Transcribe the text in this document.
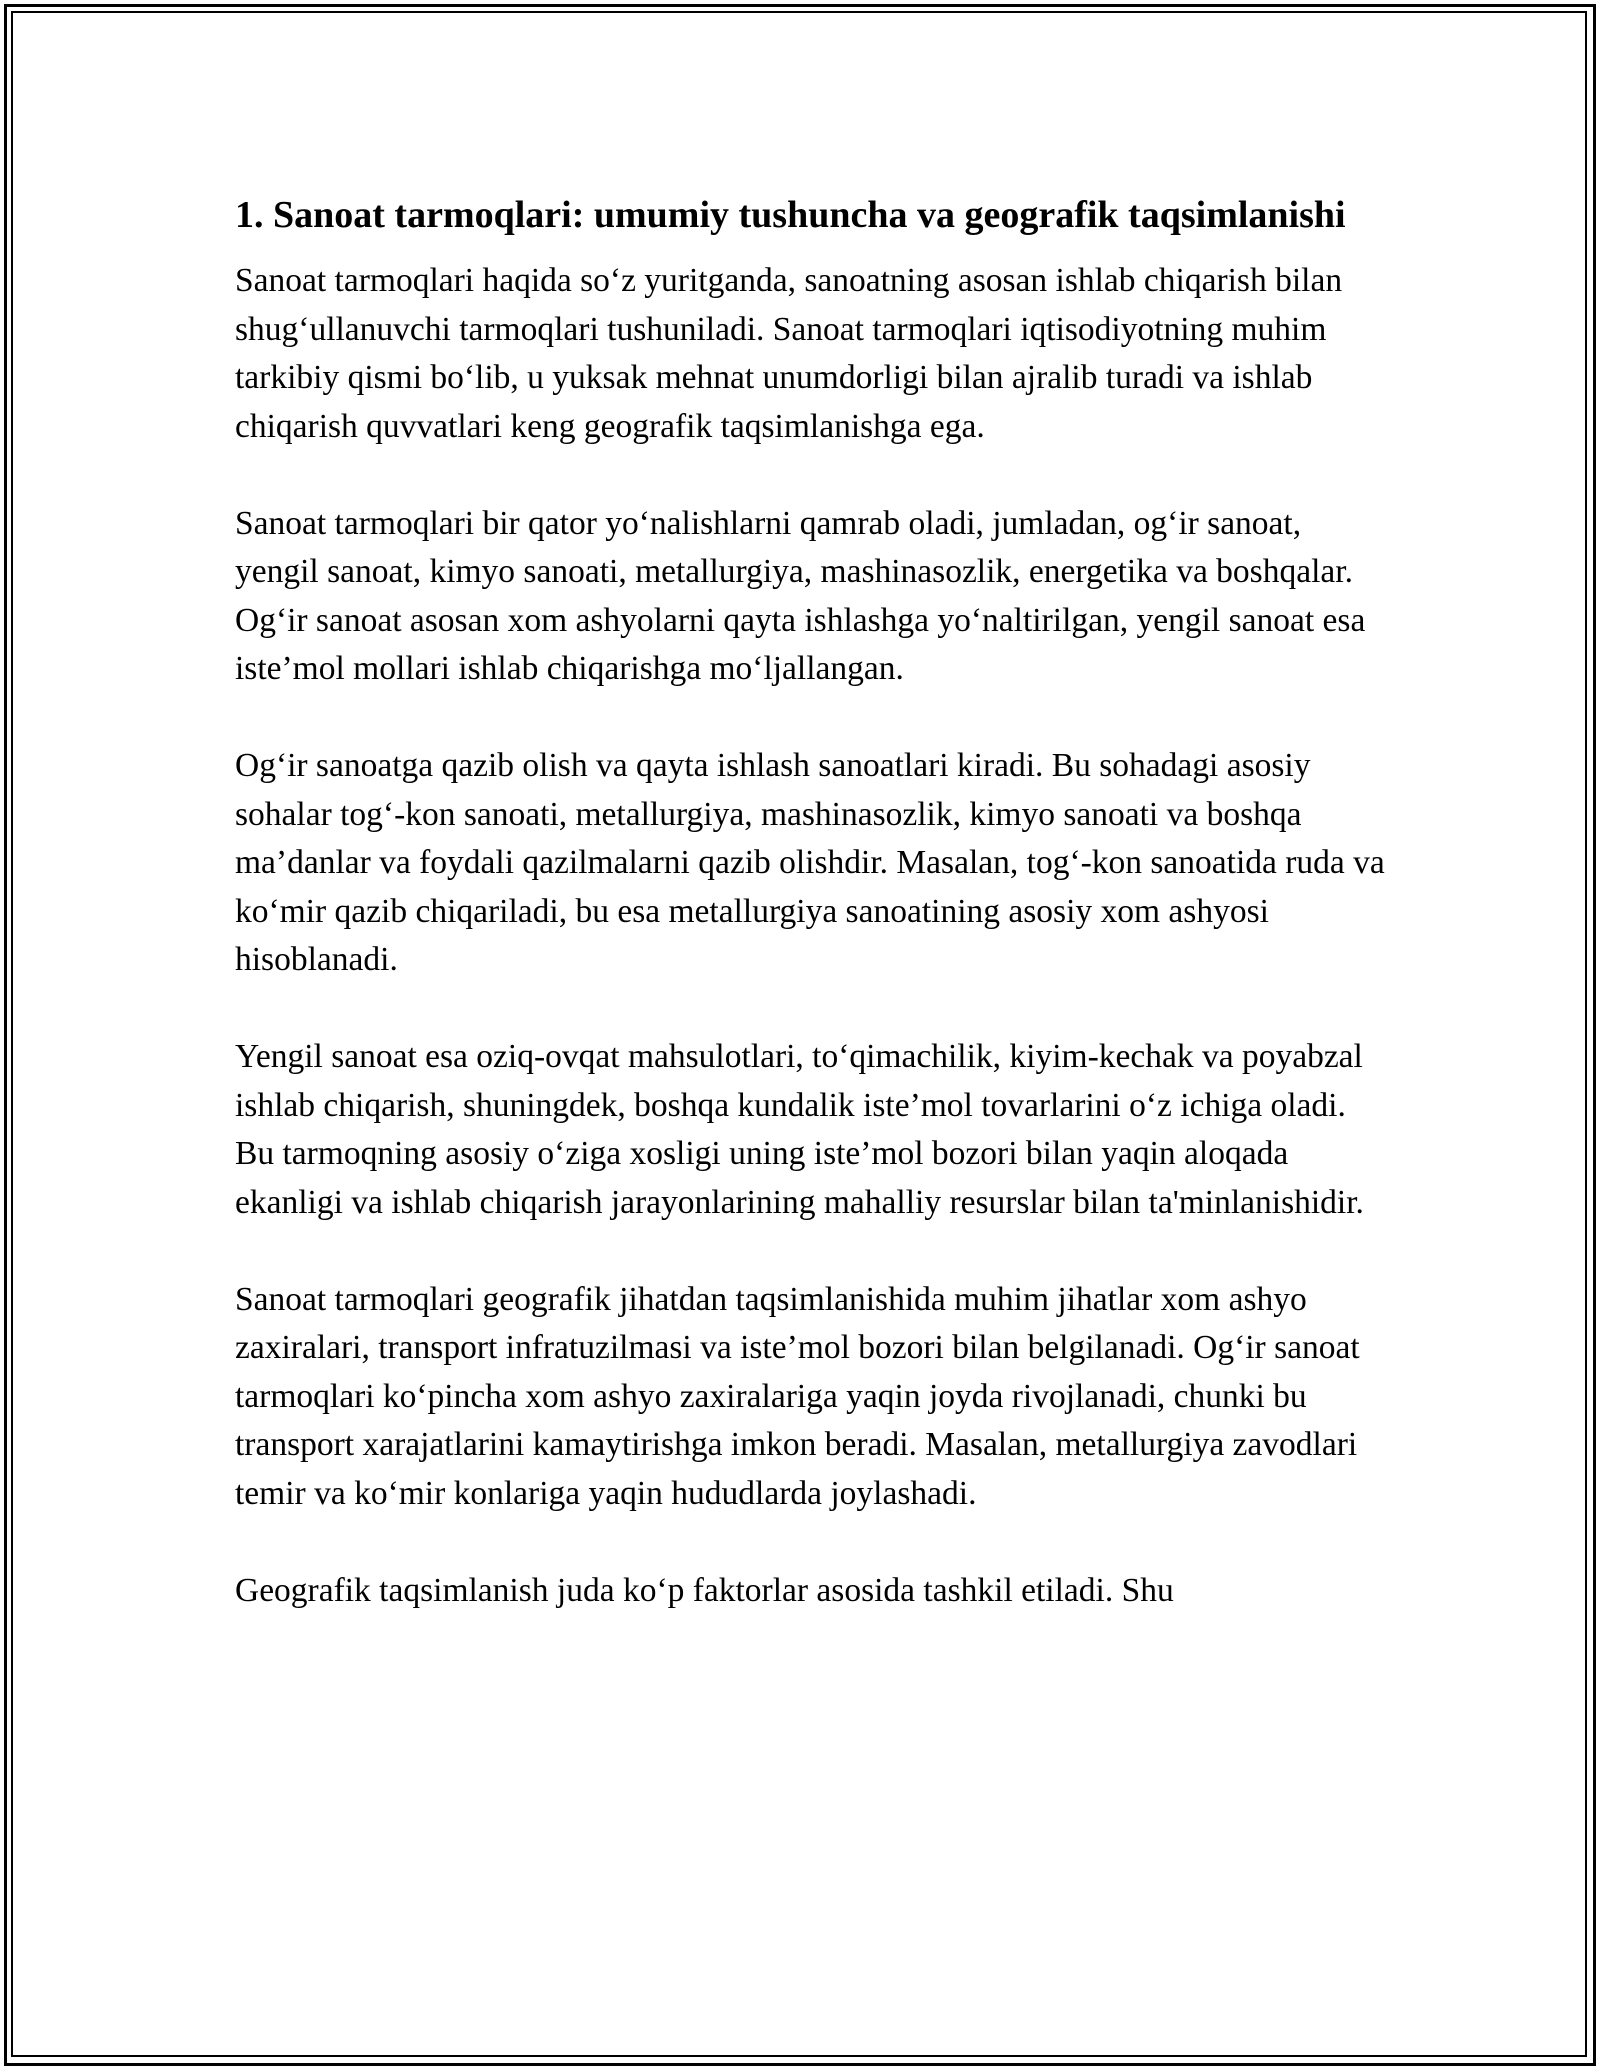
1. Sanoat tarmoqlari: umumiy tushuncha va geografik taqsimlanishi

Sanoat tarmoqlari haqida so‘z yuritganda, sanoatning asosan ishlab chiqarish bilan shug‘ullanuvchi tarmoqlari tushuniladi. Sanoat tarmoqlari iqtisodiyotning muhim tarkibiy qismi bo‘lib, u yuksak mehnat unumdorligi bilan ajralib turadi va ishlab chiqarish quvvatlari keng geografik taqsimlanishga ega.

Sanoat tarmoqlari bir qator yo‘nalishlarni qamrab oladi, jumladan, og‘ir sanoat, yengil sanoat, kimyo sanoati, metallurgiya, mashinasozlik, energetika va boshqalar. Og‘ir sanoat asosan xom ashyolarni qayta ishlashga yo‘naltirilgan, yengil sanoat esa iste’mol mollari ishlab chiqarishga mo‘ljallangan.

Og‘ir sanoatga qazib olish va qayta ishlash sanoatlari kiradi. Bu sohadagi asosiy sohalar tog‘-kon sanoati, metallurgiya, mashinasozlik, kimyo sanoati va boshqa ma’danlar va foydali qazilmalarni qazib olishdir. Masalan, tog‘-kon sanoatida ruda va ko‘mir qazib chiqariladi, bu esa metallurgiya sanoatining asosiy xom ashyosi hisoblanadi.

Yengil sanoat esa oziq-ovqat mahsulotlari, to‘qimachilik, kiyim-kechak va poyabzal ishlab chiqarish, shuningdek, boshqa kundalik iste’mol tovarlarini o‘z ichiga oladi. Bu tarmoqning asosiy o‘ziga xosligi uning iste’mol bozori bilan yaqin aloqada ekanligi va ishlab chiqarish jarayonlarining mahalliy resurslar bilan ta'minlanishidir.

Sanoat tarmoqlari geografik jihatdan taqsimlanishida muhim jihatlar xom ashyo zaxiralari, transport infratuzilmasi va iste’mol bozori bilan belgilanadi. Og‘ir sanoat tarmoqlari ko‘pincha xom ashyo zaxiralariga yaqin joyda rivojlanadi, chunki bu transport xarajatlarini kamaytirishga imkon beradi. Masalan, metallurgiya zavodlari temir va ko‘mir konlariga yaqin hududlarda joylashadi.

Geografik taqsimlanish juda ko‘p faktorlar asosida tashkil etiladi. Shu
